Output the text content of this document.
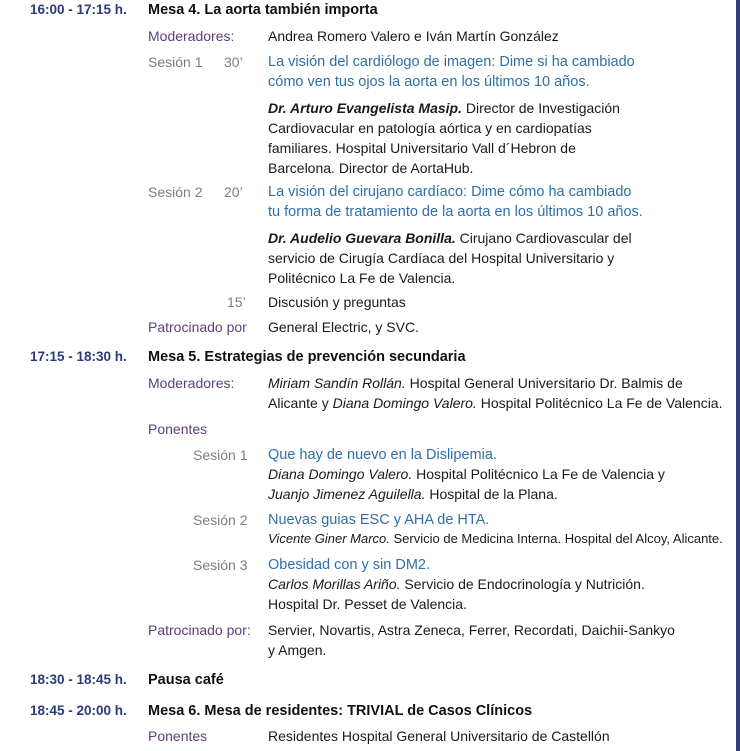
16:00 - 17:15 h. Mesa 4. La aorta también importa
Moderadores: Andrea Romero Valero e Iván Martín González
Sesión 1 30’ La visión del cardiólogo de imagen: Dime si ha cambiado
cómo ven tus ojos la aorta en los últimos 10 años.
Dr. Arturo Evangelista Masip. Director de Investigación
Cardiovacular en patología aórtica y en cardiopatías
familiares. Hospital Universitario Vall d´Hebron de
Barcelona. Director de AortaHub.
Sesión 2 20’ La visión del cirujano cardíaco: Dime cómo ha cambiado
tu forma de tratamiento de la aorta en los últimos 10 años.
Dr. Audelio Guevara Bonilla. Cirujano Cardiovascular del
servicio de Cirugía Cardíaca del Hospital Universitario y
Politécnico La Fe de Valencia.
15’ Discusión y preguntas
Patrocinado por General Electric, y SVC.
17:15 - 18:30 h. Mesa 5. Estrategias de prevención secundaria
Moderadores: Miriam Sandín Rollán. Hospital General Universitario Dr. Balmis de
Alicante y Diana Domingo Valero. Hospital Politécnico La Fe de Valencia.
Ponentes
Sesión 1 Que hay de nuevo en la Dislipemia.
Diana Domingo Valero. Hospital Politécnico La Fe de Valencia y
Juanjo Jimenez Aguilella. Hospital de la Plana.
Sesión 2 Nuevas guias ESC y AHA de HTA.
Vicente Giner Marco. Servicio de Medicina Interna. Hospital del Alcoy, Alicante.
Sesión 3 Obesidad con y sin DM2.
Carlos Morillas Ariño. Servicio de Endocrinología y Nutrición.
Hospital Dr. Pesset de Valencia.
Patrocinado por: Servier, Novartis, Astra Zeneca, Ferrer, Recordati, Daichii-Sankyo
y Amgen.
18:30 - 18:45 h. Pausa café
18:45 - 20:00 h. Mesa 6. Mesa de residentes: TRIVIAL de Casos Clínicos
Ponentes	Residentes Hospital General Universitario de Castellón
